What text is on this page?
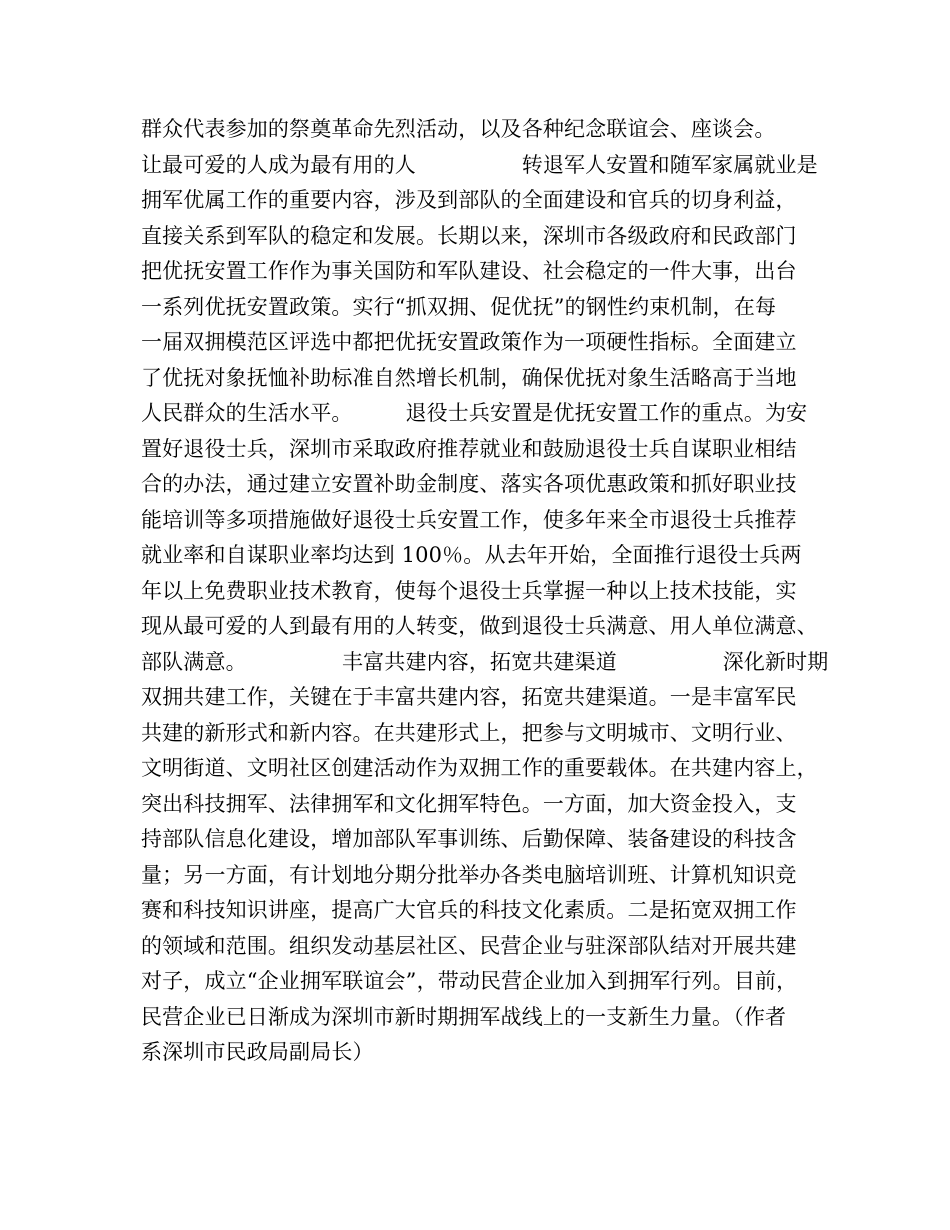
群众代表参加的祭奠革命先烈活动，以及各种纪念联谊会、座谈会。
让最可爱的人成为最有用的人　　　　　转退军人安置和随军家属就业是
拥军优属工作的重要内容，涉及到部队的全面建设和官兵的切身利益，
直接关系到军队的稳定和发展。长期以来，深圳市各级政府和民政部门
把优抚安置工作作为事关国防和军队建设、社会稳定的一件大事，出台
一系列优抚安置政策。实行“抓双拥、促优抚”的钢性约束机制，在每
一届双拥模范区评选中都把优抚安置政策作为一项硬性指标。全面建立
了优抚对象抚恤补助标准自然增长机制，确保优抚对象生活略高于当地
人民群众的生活水平。　　　退役士兵安置是优抚安置工作的重点。为安
置好退役士兵，深圳市采取政府推荐就业和鼓励退役士兵自谋职业相结
合的办法，通过建立安置补助金制度、落实各项优惠政策和抓好职业技
能培训等多项措施做好退役士兵安置工作，使多年来全市退役士兵推荐
就业率和自谋职业率均达到 100％。从去年开始，全面推行退役士兵两
年以上免费职业技术教育，使每个退役士兵掌握一种以上技术技能，实
现从最可爱的人到最有用的人转变，做到退役士兵满意、用人单位满意、
部队满意。　　　　　丰富共建内容，拓宽共建渠道　　　　　深化新时期
双拥共建工作，关键在于丰富共建内容，拓宽共建渠道。一是丰富军民
共建的新形式和新内容。在共建形式上，把参与文明城市、文明行业、
文明街道、文明社区创建活动作为双拥工作的重要载体。在共建内容上，
突出科技拥军、法律拥军和文化拥军特色。一方面，加大资金投入，支
持部队信息化建设，增加部队军事训练、后勤保障、装备建设的科技含
量；另一方面，有计划地分期分批举办各类电脑培训班、计算机知识竞
赛和科技知识讲座，提高广大官兵的科技文化素质。二是拓宽双拥工作
的领域和范围。组织发动基层社区、民营企业与驻深部队结对开展共建
对子，成立“企业拥军联谊会”，带动民营企业加入到拥军行列。目前，
民营企业已日渐成为深圳市新时期拥军战线上的一支新生力量。（作者
系深圳市民政局副局长）
